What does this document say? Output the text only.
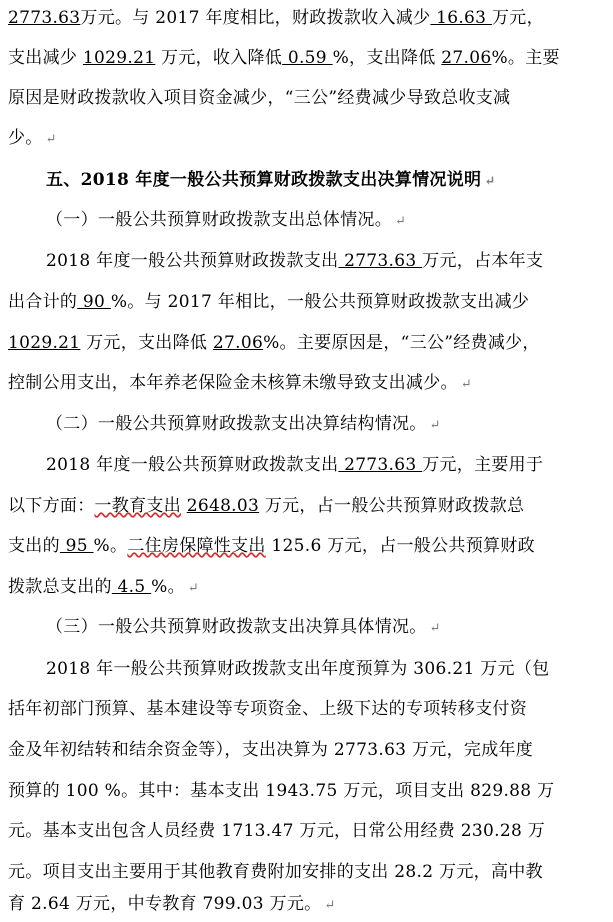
2773.63万元。与 2017 年度相比，财政拨款收入减少 16.63 万元，
支出减少 1029.21 万元，收入降低 0.59 %，支出降低 27.06%。主要
原因是财政拨款收入项目资金减少，“三公”经费减少导致总收支减
少。 ↵
五、2018 年度一般公共预算财政拨款支出决算情况说明 ↵
（一）一般公共预算财政拨款支出总体情况。 ↵
2018 年度一般公共预算财政拨款支出 2773.63 万元，占本年支
出合计的 90 %。与 2017 年相比，一般公共预算财政拨款支出减少
1029.21 万元，支出降低 27.06%。主要原因是，“三公”经费减少，
控制公用支出，本年养老保险金未核算未缴导致支出减少。 ↵
（二）一般公共预算财政拨款支出决算结构情况。 ↵
2018 年度一般公共预算财政拨款支出 2773.63 万元，主要用于
以下方面：一教育支出 2648.03 万元，占一般公共预算财政拨款总
支出的 95 %。二住房保障性支出 125.6 万元，占一般公共预算财政
拨款总支出的 4.5 %。 ↵
（三）一般公共预算财政拨款支出决算具体情况。 ↵
2018 年一般公共预算财政拨款支出年度预算为 306.21 万元（包
括年初部门预算、基本建设等专项资金、上级下达的专项转移支付资
金及年初结转和结余资金等），支出决算为 2773.63 万元，完成年度
预算的 100 %。其中：基本支出 1943.75 万元，项目支出 829.88 万
元。基本支出包含人员经费 1713.47 万元，日常公用经费 230.28 万
元。项目支出主要用于其他教育费附加安排的支出 28.2 万元，高中教
育 2.64 万元，中专教育 799.03 万元。 ↵
